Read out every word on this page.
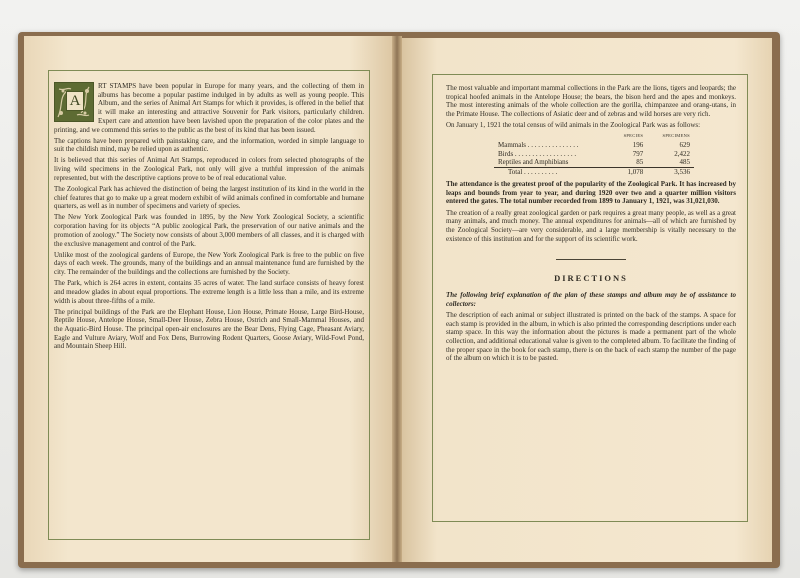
A

RT STAMPS have been popular in Europe for many years, and the collecting of them in albums has become a popular pastime indulged in by adults as well as young people. This Album, and the series of Animal Art Stamps for which it provides, is offered in the belief that it will make an interesting and attractive Souvenir for Park visitors, particularly children. Expert care and attention have been lavished upon the preparation of the color plates and the printing, and we commend this series to the public as the best of its kind that has been issued.

The captions have been prepared with painstaking care, and the information, worded in simple language to suit the childish mind, may be relied upon as authentic.

It is believed that this series of Animal Art Stamps, reproduced in colors from selected photographs of the living wild specimens in the Zoological Park, not only will give a truthful impression of the animals represented, but with the descriptive captions prove to be of real educational value.

The Zoological Park has achieved the distinction of being the largest institution of its kind in the world in the chief features that go to make up a great modern exhibit of wild animals confined in comfortable and humane quarters, as well as in number of specimens and variety of species.

The New York Zoological Park was founded in 1895, by the New York Zoological Society, a scientific corporation having for its objects “A public zoological Park, the preservation of our native animals and the promotion of zoology.” The Society now consists of about 3,000 members of all classes, and it is charged with the exclusive management and control of the Park.

Unlike most of the zoological gardens of Europe, the New York Zoological Park is free to the public on five days of each week. The grounds, many of the buildings and an annual maintenance fund are furnished by the city. The remainder of the buildings and the collections are furnished by the Society.

The Park, which is 264 acres in extent, contains 35 acres of water. The land surface consists of heavy forest and meadow glades in about equal proportions. The extreme length is a little less than a mile, and its extreme width is about three-fifths of a mile.

The principal buildings of the Park are the Elephant House, Lion House, Primate House, Large Bird-House, Reptile House, Antelope House, Small-Deer House, Zebra House, Ostrich and Small-Mammal Houses, and the Aquatic-Bird House. The principal open-air enclosures are the Bear Dens, Flying Cage, Pheasant Aviary, Eagle and Vulture Aviary, Wolf and Fox Dens, Burrowing Rodent Quarters, Goose Aviary, Wild-Fowl Pond, and Mountain Sheep Hill.

The most valuable and important mammal collections in the Park are the lions, tigers and leopards; the tropical hoofed animals in the Antelope House; the bears, the bison herd and the apes and monkeys. The most interesting animals of the whole collection are the gorilla, chimpanzee and orang-utans, in the Primate House. The collections of Asiatic deer and of zebras and wild horses are very rich.

On January 1, 1921 the total census of wild animals in the Zoological Park was as follows:

	SPECIES	SPECIMENS
Mammals . . . . . . . . . . . . . . .	196	629
Birds . . . . . . . . . . . . . . . . . .	797	2,422
Reptiles and Amphibians	85	485
Total . . . . . . . . . .	1,078	3,536

The attendance is the greatest proof of the popularity of the Zoological Park. It has increased by leaps and bounds from year to year, and during 1920 over two and a quarter million visitors entered the gates. The total number recorded from 1899 to January 1, 1921, was 31,021,030.

The creation of a really great zoological garden or park requires a great many people, as well as a great many animals, and much money. The annual expenditures for animals—all of which are furnished by the Zoological Society—are very considerable, and a large membership is vitally necessary to the existence of this institution and for the support of its scientific work.

DIRECTIONS

The following brief explanation of the plan of these stamps and album may be of assistance to collectors:

The description of each animal or subject illustrated is printed on the back of the stamps. A space for each stamp is provided in the album, in which is also printed the corresponding descriptions under each stamp space. In this way the information about the pictures is made a permanent part of the whole collection, and additional educational value is given to the completed album. To facilitate the finding of the proper space in the book for each stamp, there is on the back of each stamp the number of the page of the album on which it is to be pasted.
